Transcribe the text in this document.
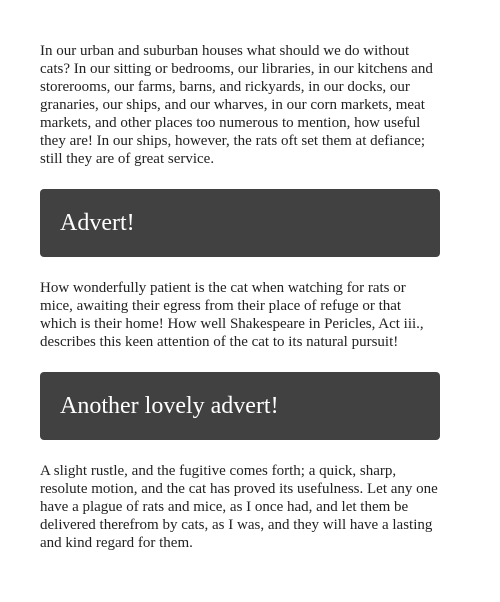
In our urban and suburban houses what should we do without cats? In our sitting or bedrooms, our libraries, in our kitchens and storerooms, our farms, barns, and rickyards, in our docks, our granaries, our ships, and our wharves, in our corn markets, meat markets, and other places too numerous to mention, how useful they are! In our ships, however, the rats oft set them at defiance; still they are of great service.

Advert!

How wonderfully patient is the cat when watching for rats or mice, awaiting their egress from their place of refuge or that which is their home! How well Shakespeare in Pericles, Act iii., describes this keen attention of the cat to its natural pursuit!

Another lovely advert!

A slight rustle, and the fugitive comes forth; a quick, sharp, resolute motion, and the cat has proved its usefulness. Let any one have a plague of rats and mice, as I once had, and let them be delivered therefrom by cats, as I was, and they will have a lasting and kind regard for them.
